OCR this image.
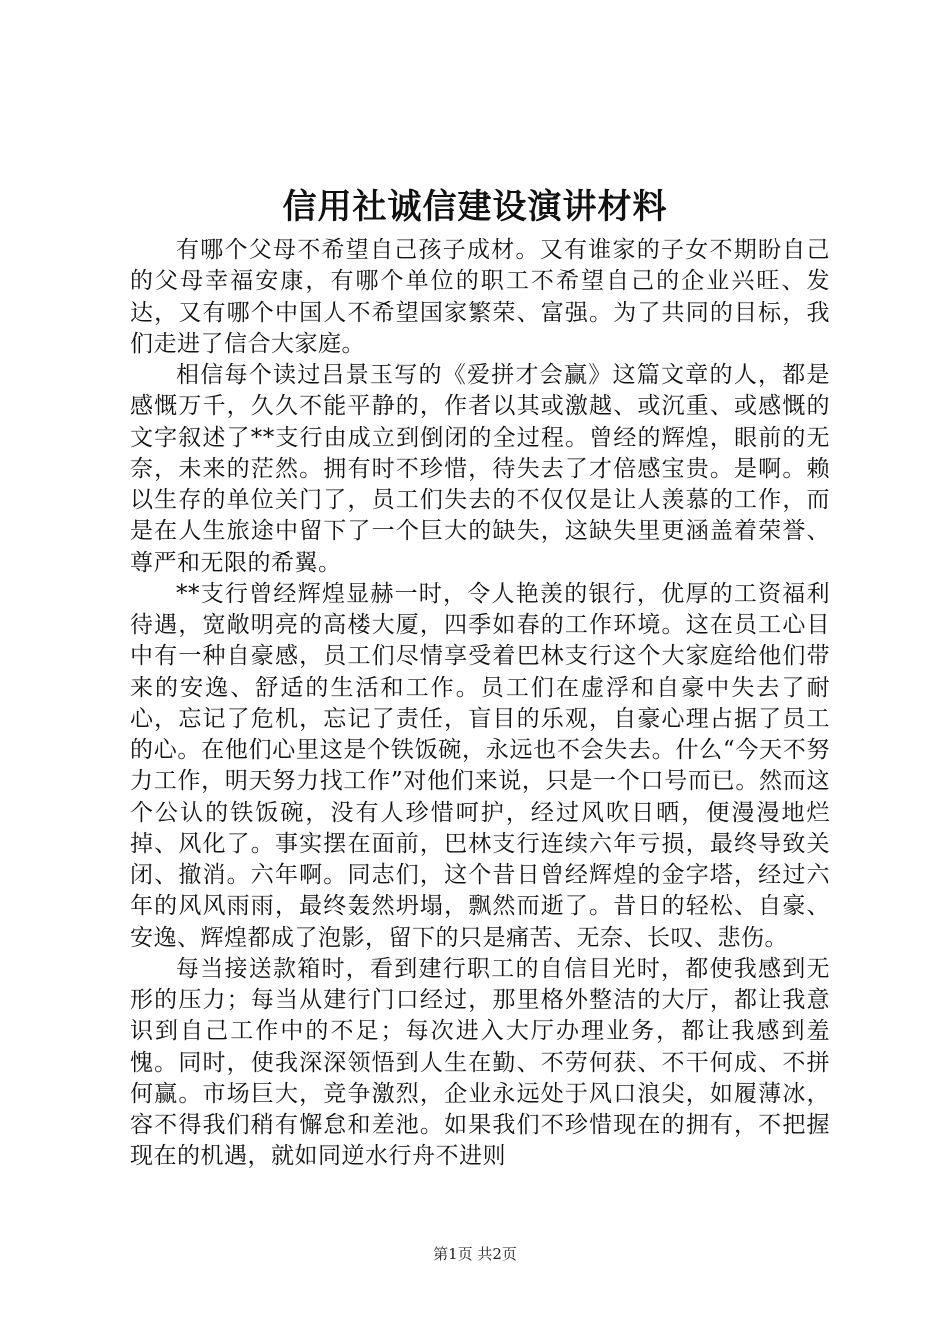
信用社诚信建设演讲材料

有哪个父母不希望自己孩子成材。又有谁家的子女不期盼自己的父母幸福安康，有哪个单位的职工不希望自己的企业兴旺、发达，又有哪个中国人不希望国家繁荣、富强。为了共同的目标，我们走进了信合大家庭。

相信每个读过吕景玉写的《爱拼才会赢》这篇文章的人，都是感慨万千，久久不能平静的，作者以其或激越、或沉重、或感慨的文字叙述了**支行由成立到倒闭的全过程。曾经的辉煌，眼前的无奈，未来的茫然。拥有时不珍惜，待失去了才倍感宝贵。是啊。赖以生存的单位关门了，员工们失去的不仅仅是让人羡慕的工作，而是在人生旅途中留下了一个巨大的缺失，这缺失里更涵盖着荣誉、尊严和无限的希翼。

**支行曾经辉煌显赫一时，令人艳羡的银行，优厚的工资福利待遇，宽敞明亮的高楼大厦，四季如春的工作环境。这在员工心目中有一种自豪感，员工们尽情享受着巴林支行这个大家庭给他们带来的安逸、舒适的生活和工作。员工们在虚浮和自豪中失去了耐心，忘记了危机，忘记了责任，盲目的乐观，自豪心理占据了员工的心。在他们心里这是个铁饭碗，永远也不会失去。什么“今天不努力工作，明天努力找工作”对他们来说，只是一个口号而已。然而这个公认的铁饭碗，没有人珍惜呵护，经过风吹日晒，便漫漫地烂掉、风化了。事实摆在面前，巴林支行连续六年亏损，最终导致关闭、撤消。六年啊。同志们，这个昔日曾经辉煌的金字塔，经过六年的风风雨雨，最终轰然坍塌，飘然而逝了。昔日的轻松、自豪、安逸、辉煌都成了泡影，留下的只是痛苦、无奈、长叹、悲伤。

每当接送款箱时，看到建行职工的自信目光时，都使我感到无形的压力；每当从建行门口经过，那里格外整洁的大厅，都让我意识到自己工作中的不足；每次进入大厅办理业务，都让我感到羞愧。同时，使我深深领悟到人生在勤、不劳何获、不干何成、不拼何赢。市场巨大，竞争激烈，企业永远处于风口浪尖，如履薄冰，容不得我们稍有懈怠和差池。如果我们不珍惜现在的拥有，不把握现在的机遇，就如同逆水行舟不进则

第1页 共2页
